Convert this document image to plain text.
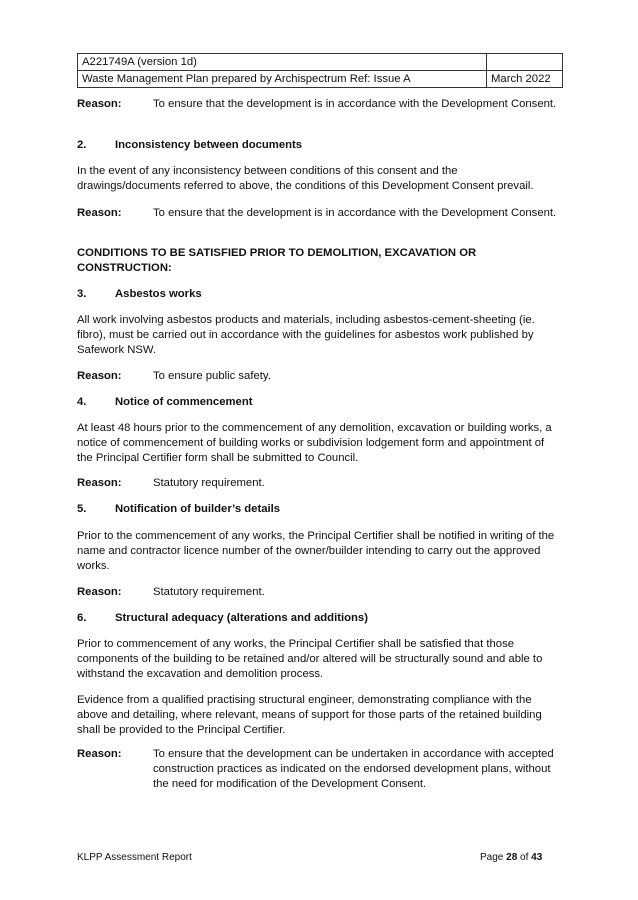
A221749A (version 1d)	
Waste Management Plan prepared by Archispectrum Ref: Issue A	March 2022
Reason:	To ensure that the development is in accordance with the Development Consent.
2.	Inconsistency between documents
In the event of any inconsistency between conditions of this consent and the drawings/documents referred to above, the conditions of this Development Consent prevail.
Reason:	To ensure that the development is in accordance with the Development Consent.
CONDITIONS TO BE SATISFIED PRIOR TO DEMOLITION, EXCAVATION OR CONSTRUCTION:
3.	Asbestos works
All work involving asbestos products and materials, including asbestos-cement-sheeting (ie. fibro), must be carried out in accordance with the guidelines for asbestos work published by Safework NSW.
Reason:	To ensure public safety.
4.	Notice of commencement
At least 48 hours prior to the commencement of any demolition, excavation or building works, a notice of commencement of building works or subdivision lodgement form and appointment of the Principal Certifier form shall be submitted to Council.
Reason:	Statutory requirement.
5.	Notification of builder’s details
Prior to the commencement of any works, the Principal Certifier shall be notified in writing of the name and contractor licence number of the owner/builder intending to carry out the approved works.
Reason:	Statutory requirement.
6.	Structural adequacy (alterations and additions)
Prior to commencement of any works, the Principal Certifier shall be satisfied that those components of the building to be retained and/or altered will be structurally sound and able to withstand the excavation and demolition process.
Evidence from a qualified practising structural engineer, demonstrating compliance with the above and detailing, where relevant, means of support for those parts of the retained building shall be provided to the Principal Certifier.
Reason:	To ensure that the development can be undertaken in accordance with accepted construction practices as indicated on the endorsed development plans, without the need for modification of the Development Consent.
KLPP Assessment Report	Page 28 of 43
